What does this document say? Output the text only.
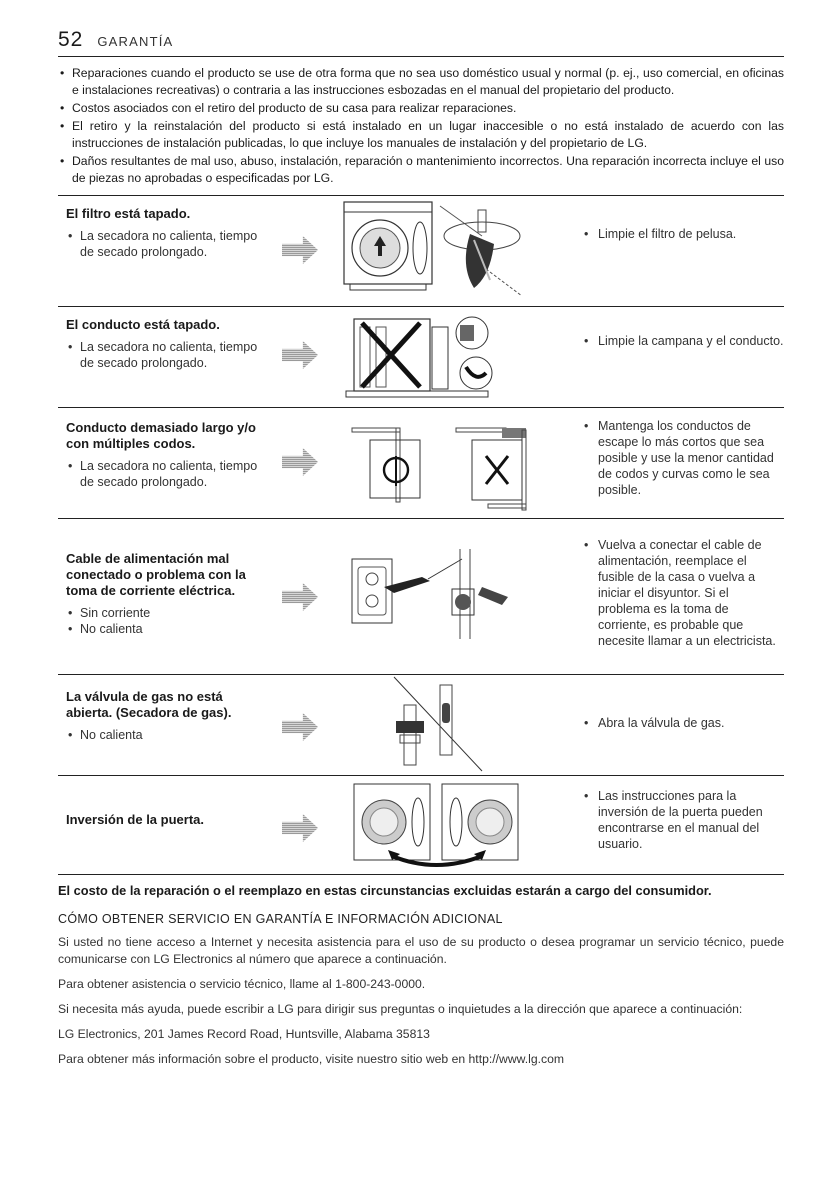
52 GARANTÍA
• Reparaciones cuando el producto se use de otra forma que no sea uso doméstico usual y normal (p. ej., uso comercial, en oficinas e instalaciones recreativas) o contraria a las instrucciones esbozadas en el manual del propietario del producto.
• Costos asociados con el retiro del producto de su casa para realizar reparaciones.
• El retiro y la reinstalación del producto si está instalado en un lugar inaccesible o no está instalado de acuerdo con las instrucciones de instalación publicadas, lo que incluye los manuales de instalación y del propietario de LG.
• Daños resultantes de mal uso, abuso, instalación, reparación o mantenimiento incorrectos. Una reparación incorrecta incluye el uso de piezas no aprobadas o especificadas por LG.
El filtro está tapado.
• La secadora no calienta, tiempo de secado prolongado.
• Limpie el filtro de pelusa.
El conducto está tapado.
• La secadora no calienta, tiempo de secado prolongado.
• Limpie la campana y el conducto.
Conducto demasiado largo y/o con múltiples codos.
• La secadora no calienta, tiempo de secado prolongado.
• Mantenga los conductos de escape lo más cortos que sea posible y use la menor cantidad de codos y curvas como le sea posible.
Cable de alimentación mal conectado o problema con la toma de corriente eléctrica.
• Sin corriente
• No calienta
• Vuelva a conectar el cable de alimentación, reemplace el fusible de la casa o vuelva a iniciar el disyuntor. Si el problema es la toma de corriente, es probable que necesite llamar a un electricista.
La válvula de gas no está abierta. (Secadora de gas).
• No calienta
• Abra la válvula de gas.
Inversión de la puerta.
• Las instrucciones para la inversión de la puerta pueden encontrarse en el manual del usuario.
El costo de la reparación o el reemplazo en estas circunstancias excluidas estarán a cargo del consumidor.
CÓMO OBTENER SERVICIO EN GARANTÍA E INFORMACIÓN ADICIONAL
Si usted no tiene acceso a Internet y necesita asistencia para el uso de su producto o desea programar un servicio técnico, puede comunicarse con LG Electronics al número que aparece a continuación.
Para obtener asistencia o servicio técnico, llame al 1-800-243-0000.
Si necesita más ayuda, puede escribir a LG para dirigir sus preguntas o inquietudes a la dirección que aparece a continuación:
LG Electronics, 201 James Record Road, Huntsville, Alabama 35813
Para obtener más información sobre el producto, visite nuestro sitio web en http://www.lg.com
